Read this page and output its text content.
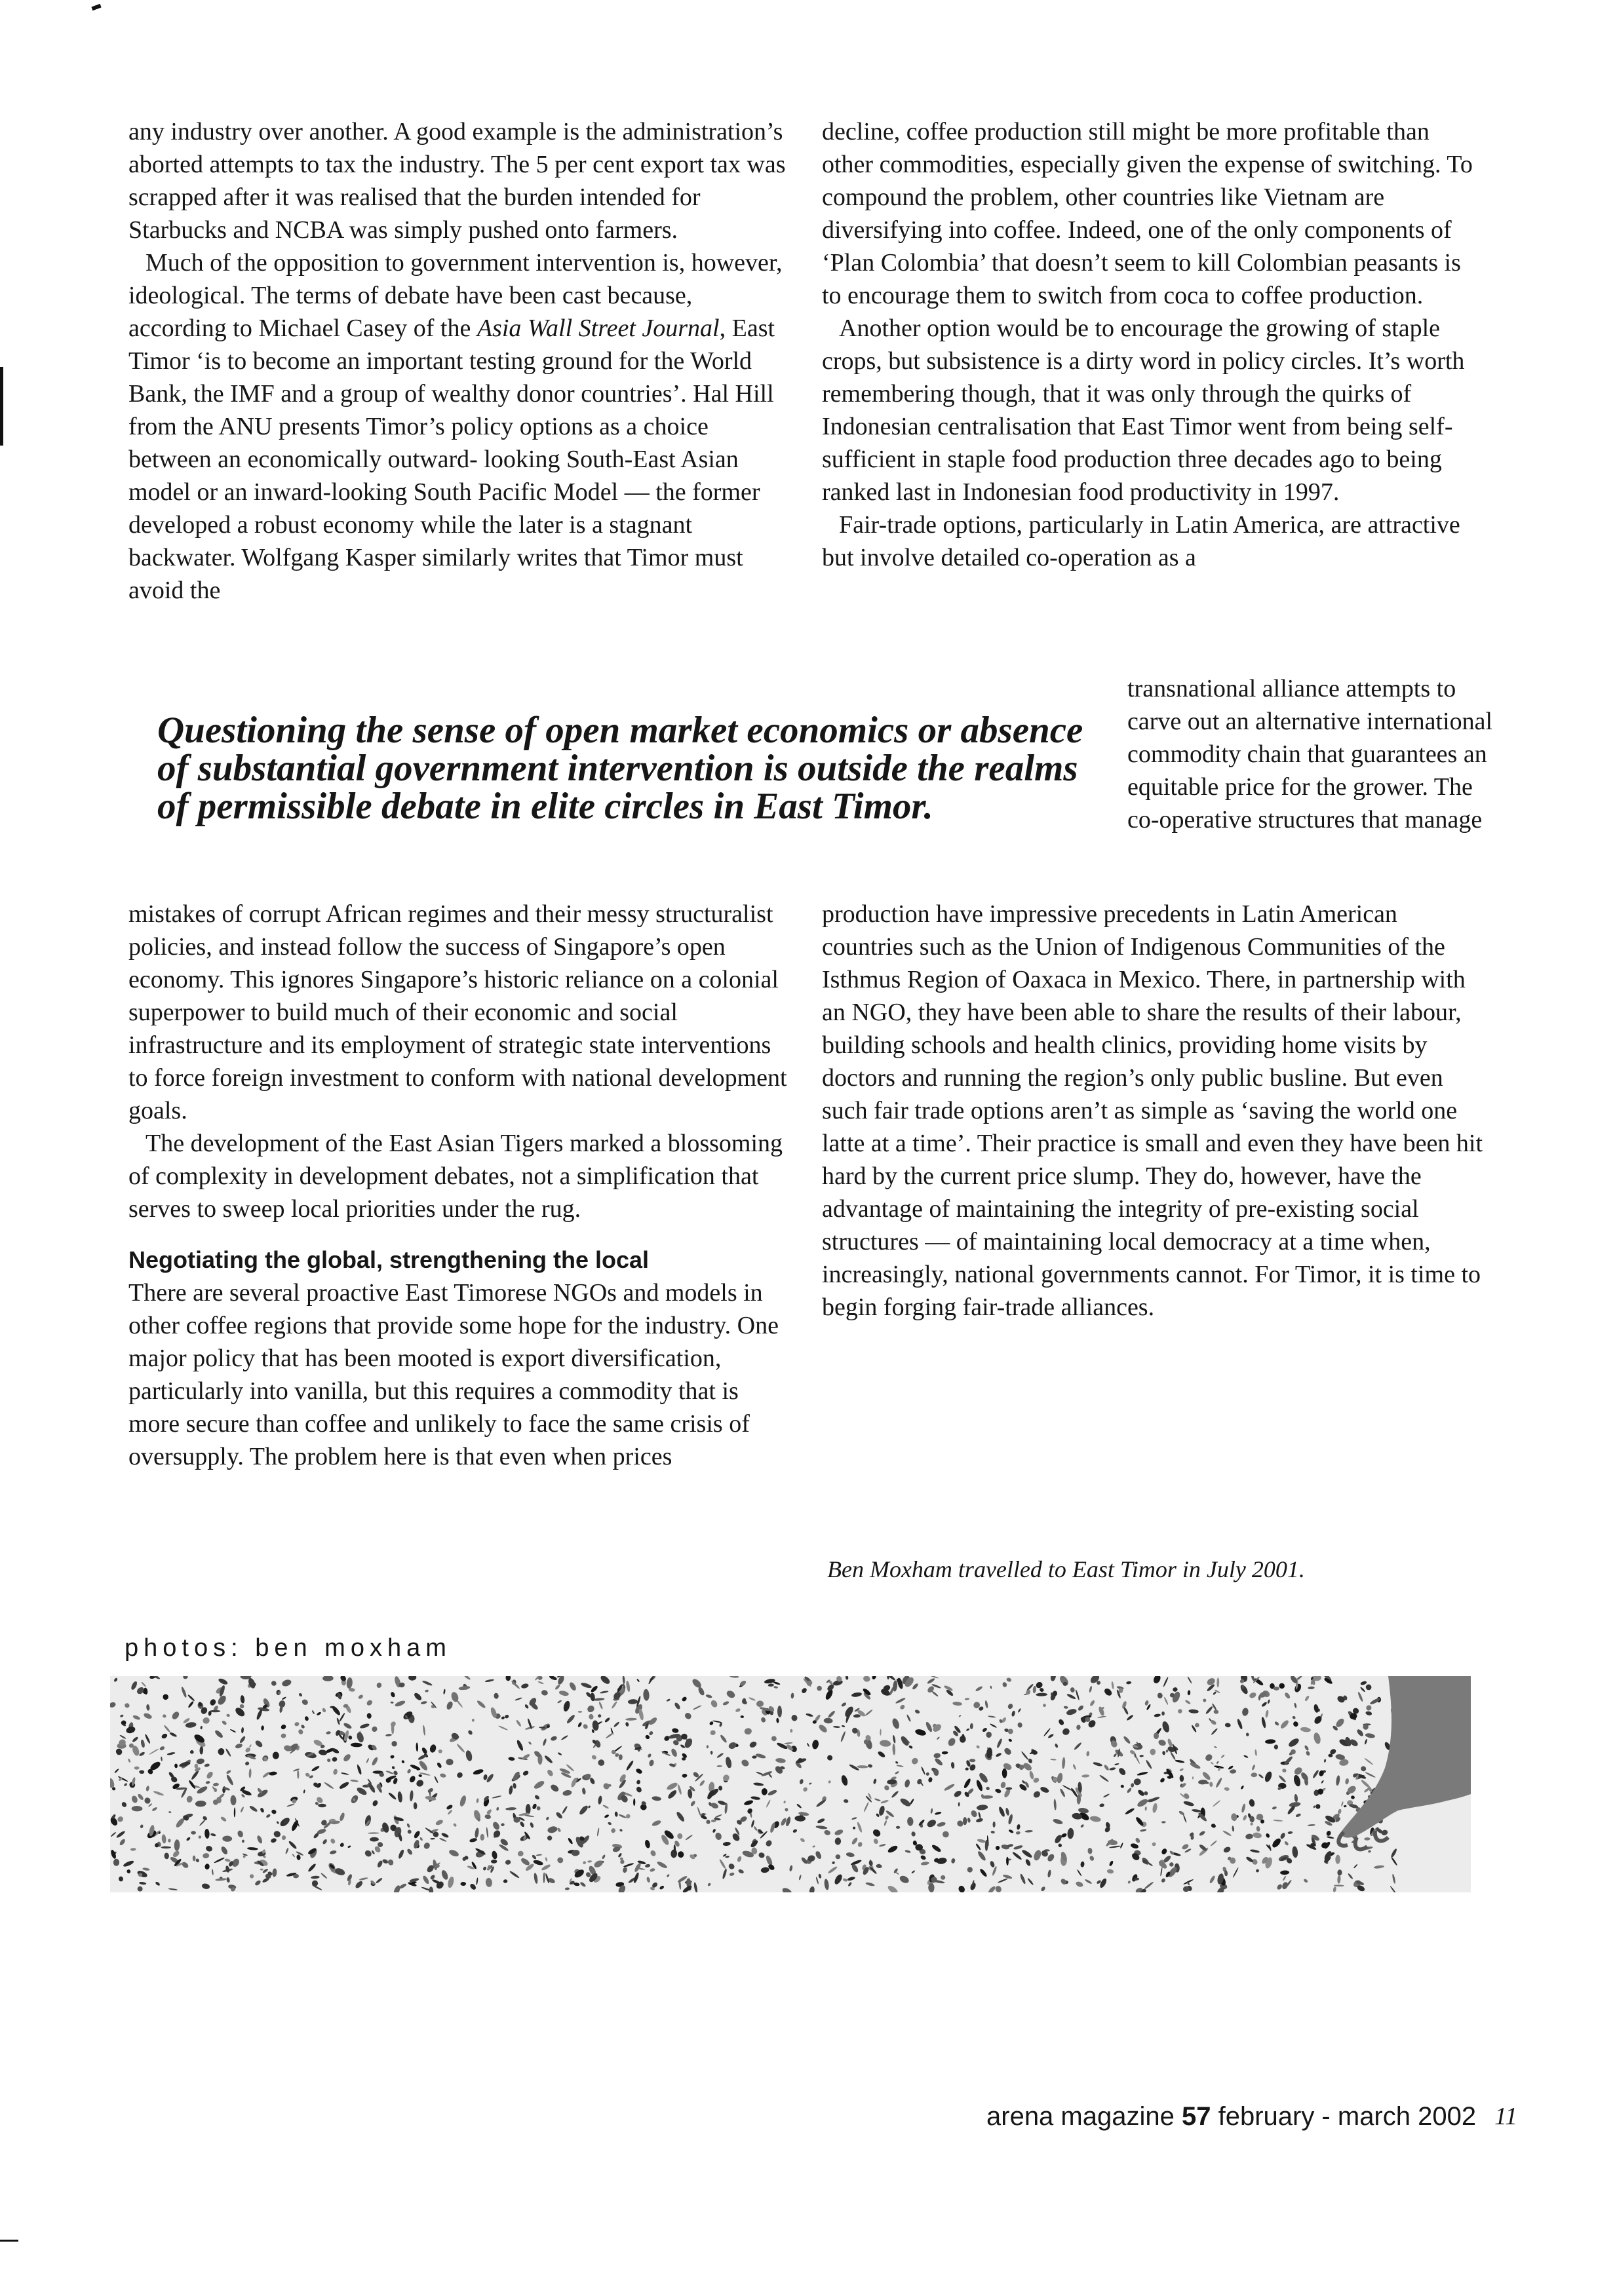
any industry over another. A good example is the administration’s aborted attempts to tax the industry. The 5 per cent export tax was scrapped after it was realised that the burden intended for Starbucks and NCBA was simply pushed onto farmers.

Much of the opposition to government intervention is, however, ideological. The terms of debate have been cast because, according to Michael Casey of the Asia Wall Street Journal, East Timor ‘is to become an important testing ground for the World Bank, the IMF and a group of wealthy donor countries’. Hal Hill from the ANU presents Timor’s policy options as a choice between an economically outward- looking South-East Asian model or an inward-looking South Pacific Model — the former developed a robust economy while the later is a stagnant backwater. Wolfgang Kasper similarly writes that Timor must avoid the

decline, coffee production still might be more profitable than other commodities, especially given the expense of switching. To compound the problem, other countries like Vietnam are diversifying into coffee. Indeed, one of the only components of ‘Plan Colombia’ that doesn’t seem to kill Colombian peasants is to encourage them to switch from coca to coffee production.

Another option would be to encourage the growing of staple crops, but subsistence is a dirty word in policy circles. It’s worth remembering though, that it was only through the quirks of Indonesian centralisation that East Timor went from being self-sufficient in staple food production three decades ago to being ranked last in Indonesian food productivity in 1997.

Fair-trade options, particularly in Latin America, are attractive but involve detailed co-operation as a

transnational alliance attempts to carve out an alternative international commodity chain that guarantees an equitable price for the grower. The co-operative structures that manage

Questioning the sense of open market economics or absence of substantial government intervention is outside the realms of permissible debate in elite circles in East Timor.

mistakes of corrupt African regimes and their messy structuralist policies, and instead follow the success of Singapore’s open economy. This ignores Singapore’s historic reliance on a colonial superpower to build much of their economic and social infrastructure and its employment of strategic state interventions to force foreign investment to conform with national development goals.

The development of the East Asian Tigers marked a blossoming of complexity in development debates, not a simplification that serves to sweep local priorities under the rug.

Negotiating the global, strengthening the local

There are several proactive East Timorese NGOs and models in other coffee regions that provide some hope for the industry. One major policy that has been mooted is export diversification, particularly into vanilla, but this requires a commodity that is more secure than coffee and unlikely to face the same crisis of oversupply. The problem here is that even when prices

production have impressive precedents in Latin American countries such as the Union of Indigenous Communities of the Isthmus Region of Oaxaca in Mexico. There, in partnership with an NGO, they have been able to share the results of their labour, building schools and health clinics, providing home visits by doctors and running the region’s only public busline. But even such fair trade options aren’t as simple as ‘saving the world one latte at a time’. Their practice is small and even they have been hit hard by the current price slump. They do, however, have the advantage of maintaining the integrity of pre-existing social structures — of maintaining local democracy at a time when, increasingly, national governments cannot. For Timor, it is time to begin forging fair-trade alliances.

Ben Moxham travelled to East Timor in July 2001.
photos: ben moxham
arena magazine 57 february - march 2002 11
